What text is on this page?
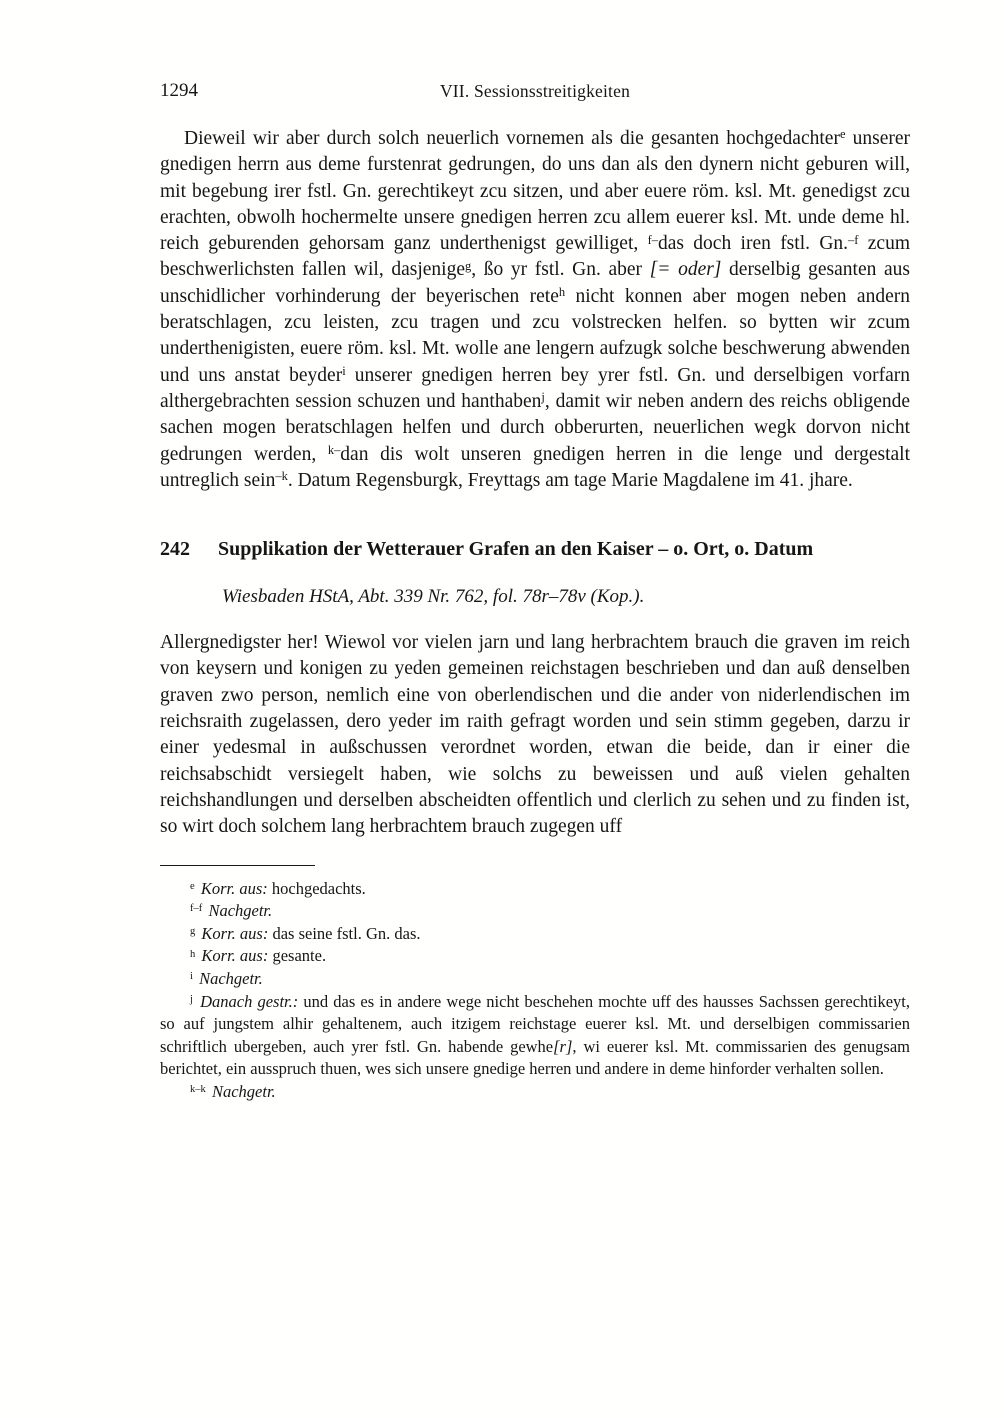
1294	VII. Sessionsstreitigkeiten

Dieweil wir aber durch solch neuerlich vornemen als die gesanten hochgedachter$^e$ unserer gnedigen herrn aus deme furstenrat gedrungen, do uns dan als den dynern nicht geburen will, mit begebung irer fstl. Gn. gerechtikeyt zcu sitzen, und aber euere röm. ksl. Mt. genedigst zcu erachten, obwolh hochermelte unsere gnedigen herren zcu allem euerer ksl. Mt. unde deme hl. reich geburenden gehorsam ganz underthenigst gewilliget, $^{f-}$das doch iren fstl. Gn.$^{-f}$ zcum beschwerlichsten fallen wil, dasjenige$^g$, ßo yr fstl. Gn. aber [= oder] derselbig gesanten aus unschidlicher vorhinderung der beyerischen rete$^h$ nicht konnen aber mogen neben andern beratschlagen, zcu leisten, zcu tragen und zcu volstrecken helfen. so bytten wir zcum underthenigisten, euere röm. ksl. Mt. wolle ane lengern aufzugk solche beschwerung abwenden und uns anstat beyder$^i$ unserer gnedigen herren bey yrer fstl. Gn. und derselbigen vorfarn althergebrachten session schuzen und hanthaben$^j$, damit wir neben andern des reichs obligende sachen mogen beratschlagen helfen und durch obberurten, neuerlichen wegk dorvon nicht gedrungen werden, $^{k-}$dan dis wolt unseren gnedigen herren in die lenge und dergestalt untreglich sein$^{-k}$. Datum Regensburgk, Freyttags am tage Marie Magdalene im 41. jhare.

242	Supplikation der Wetterauer Grafen an den Kaiser – o. Ort, o. Datum

Wiesbaden HStA, Abt. 339 Nr. 762, fol. 78r–78v (Kop.).

Allergnedigster her! Wiewol vor vielen jarn und lang herbrachtem brauch die graven im reich von keysern und konigen zu yeden gemeinen reichstagen beschrieben und dan auß denselben graven zwo person, nemlich eine von oberlendischen und die ander von niderlendischen im reichsraith zugelassen, dero yeder im raith gefragt worden und sein stimm gegeben, darzu ir einer yedesmal in außschussen verordnet worden, etwan die beide, dan ir einer die reichsabschidt versiegelt haben, wie solchs zu beweissen und auß vielen gehalten reichshandlungen und derselben abscheidten offentlich und clerlich zu sehen und zu finden ist, so wirt doch solchem lang herbrachtem brauch zugegen uff

$^e$ Korr. aus: hochgedachts.

$^{f-f}$ Nachgetr.

$^g$ Korr. aus: das seine fstl. Gn. das.

$^h$ Korr. aus: gesante.

$^i$ Nachgetr.

$^j$ Danach gestr.: und das es in andere wege nicht beschehen mochte uff des hausses Sachssen gerechtikeyt, so auf jungstem alhir gehaltenem, auch itzigem reichstage euerer ksl. Mt. und derselbigen commissarien schriftlich ubergeben, auch yrer fstl. Gn. habende gewhe[r], wi euerer ksl. Mt. commissarien des genugsam berichtet, ein ausspruch thuen, wes sich unsere gnedige herren und andere in deme hinforder verhalten sollen.

$^{k-k}$ Nachgetr.
